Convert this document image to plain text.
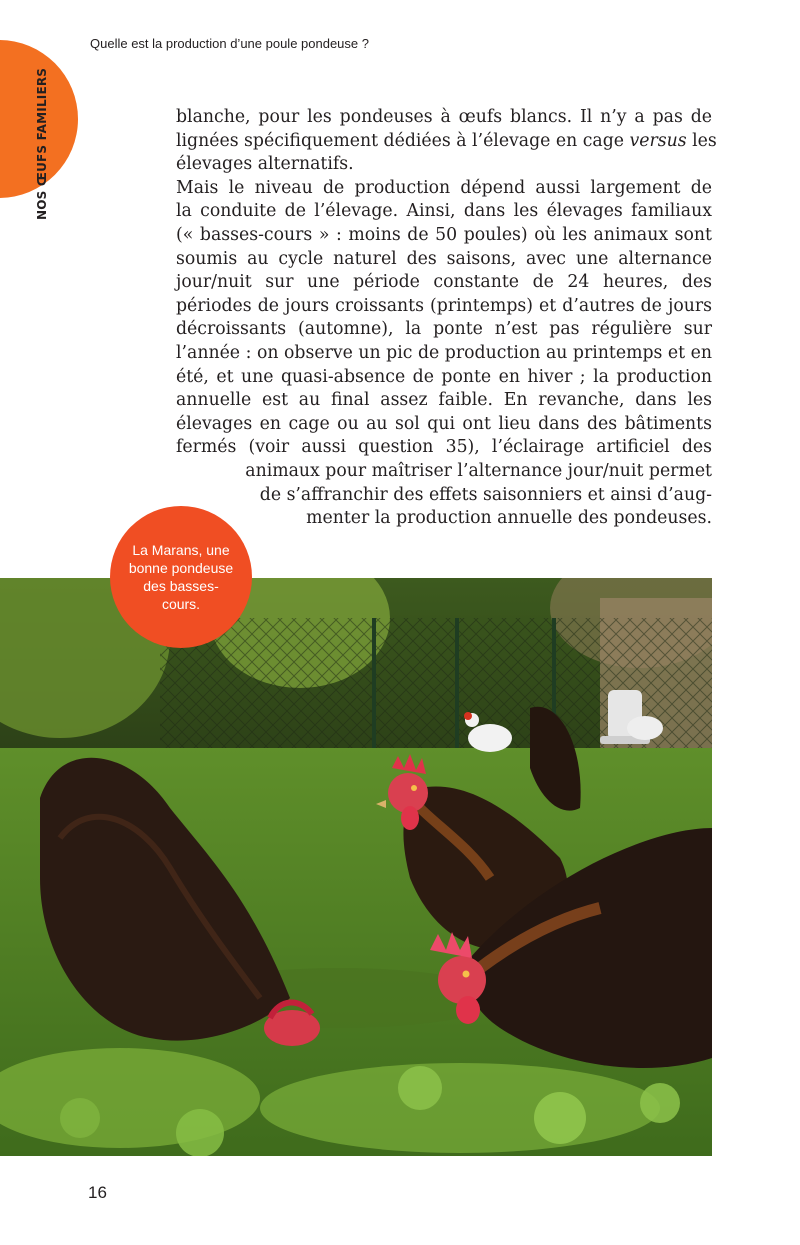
NOS ŒUFS FAMILIERS
Quelle est la production d’une poule pondeuse ?
blanche, pour les pondeuses à œufs blancs. Il n’y a pas de
lignées spécifiquement dédiées à l’élevage en cage versus les
élevages alternatifs.
Mais le niveau de production dépend aussi largement de
la conduite de l’élevage. Ainsi, dans les élevages familiaux
(« basses-cours » : moins de 50 poules) où les animaux sont
soumis au cycle naturel des saisons, avec une alternance
jour/nuit sur une période constante de 24 heures, des
périodes de jours croissants (printemps) et d’autres de jours
décroissants (automne), la ponte n’est pas régulière sur
l’année : on observe un pic de production au printemps et en
été, et une quasi-absence de ponte en hiver ; la production
annuelle est au final assez faible. En revanche, dans les
élevages en cage ou au sol qui ont lieu dans des bâtiments
fermés (voir aussi question 35), l’éclairage artificiel des
animaux pour maîtriser l’alternance jour/nuit permet
de s’affranchir des effets saisonniers et ainsi d’aug-
menter la production annuelle des pondeuses.
La Marans, une bonne pondeuse des basses-cours.
16
